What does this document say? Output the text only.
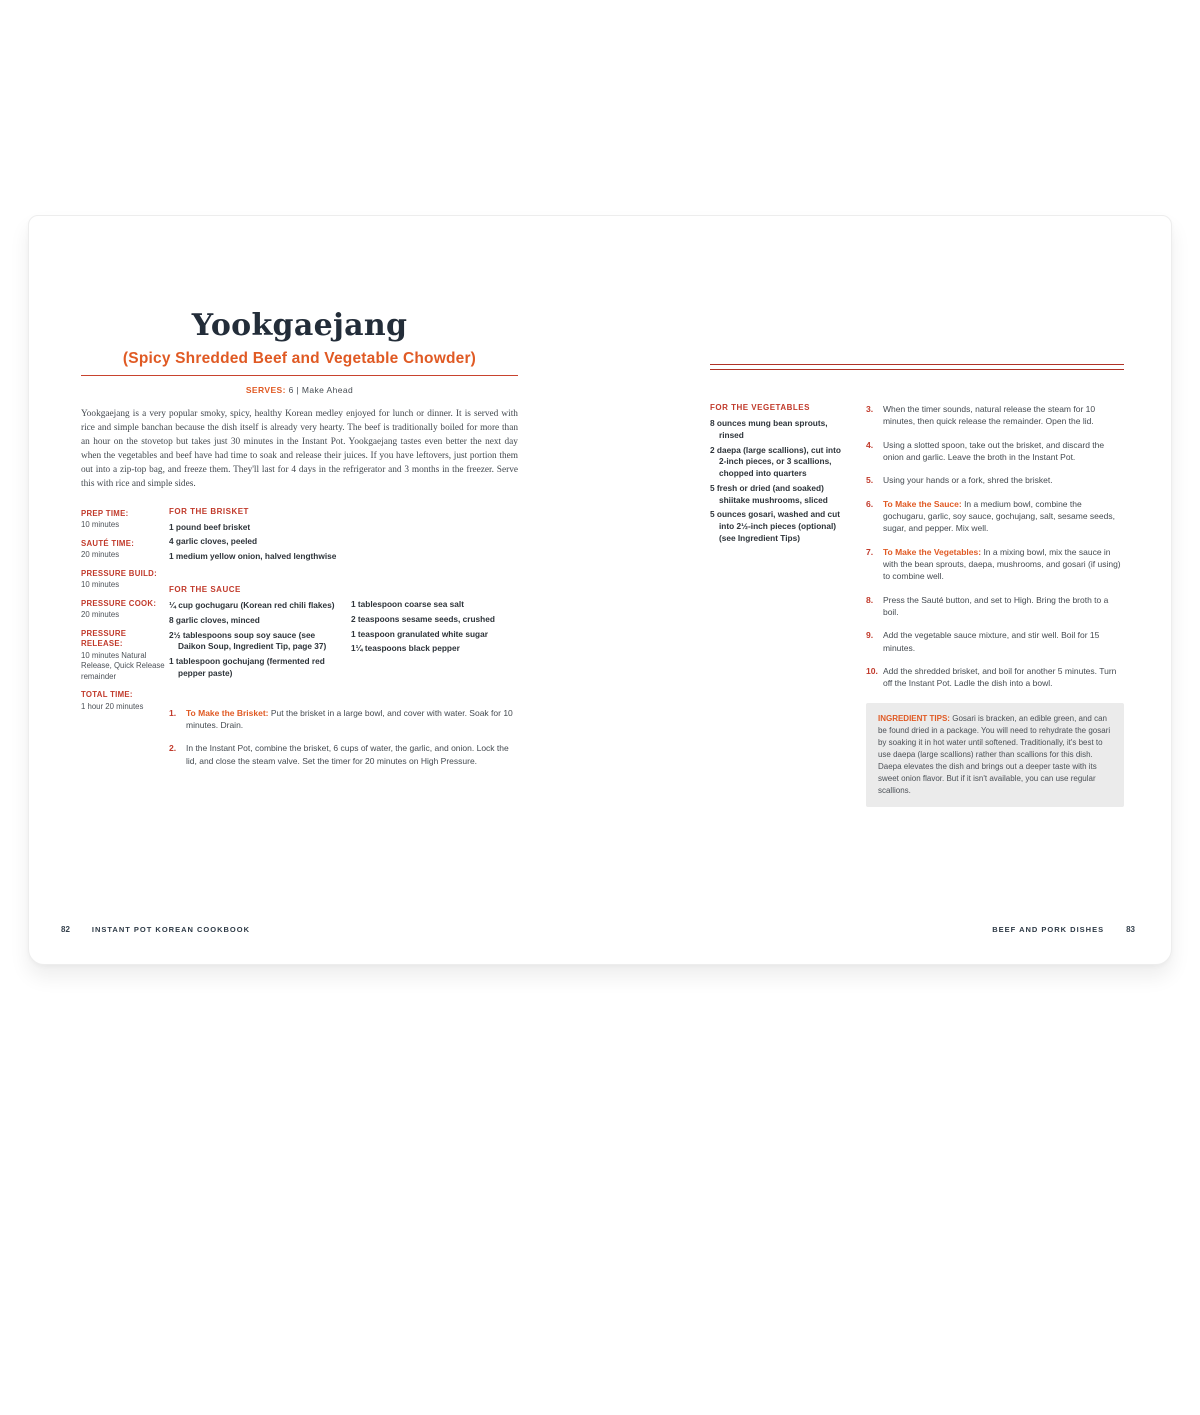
Yookgaejang
(Spicy Shredded Beef and Vegetable Chowder)
SERVES: 6 | Make Ahead

Yookgaejang is a very popular smoky, spicy, healthy Korean medley enjoyed for lunch or dinner. It is served with rice and simple banchan because the dish itself is already very hearty. The beef is traditionally boiled for more than an hour on the stovetop but takes just 30 minutes in the Instant Pot. Yookgaejang tastes even better the next day when the vegetables and beef have had time to soak and release their juices. If you have leftovers, just portion them out into a zip-top bag, and freeze them. They'll last for 4 days in the refrigerator and 3 months in the freezer. Serve this with rice and simple sides.

PREP TIME:
10 minutes
SAUTÉ TIME:
20 minutes
PRESSURE BUILD:
10 minutes
PRESSURE COOK:
20 minutes
PRESSURE RELEASE:
10 minutes Natural Release, Quick Release remainder
TOTAL TIME:
1 hour 20 minutes
FOR THE BRISKET
1 pound beef brisket
4 garlic cloves, peeled
1 medium yellow onion, halved lengthwise
FOR THE SAUCE
¼ cup gochugaru (Korean red chili flakes)
8 garlic cloves, minced
2½ tablespoons soup soy sauce (see Daikon Soup, Ingredient Tip, page 37)
1 tablespoon gochujang (fermented red pepper paste)
1 tablespoon coarse sea salt
2 teaspoons sesame seeds, crushed
1 teaspoon granulated white sugar
1¼ teaspoons black pepper
1.	To Make the Brisket: Put the brisket in a large bowl, and cover with water. Soak for 10 minutes. Drain.
2.	In the Instant Pot, combine the brisket, 6 cups of water, the garlic, and onion. Lock the lid, and close the steam valve. Set the timer for 20 minutes on High Pressure.
82	INSTANT POT KOREAN COOKBOOK
FOR THE VEGETABLES
8 ounces mung bean sprouts, rinsed
2 daepa (large scallions), cut into 2-inch pieces, or 3 scallions, chopped into quarters
5 fresh or dried (and soaked) shiitake mushrooms, sliced
5 ounces gosari, washed and cut into 2½-inch pieces (optional) (see Ingredient Tips)
3.	When the timer sounds, natural release the steam for 10 minutes, then quick release the remainder. Open the lid.
4.	Using a slotted spoon, take out the brisket, and discard the onion and garlic. Leave the broth in the Instant Pot.
5.	Using your hands or a fork, shred the brisket.
6.	To Make the Sauce: In a medium bowl, combine the gochugaru, garlic, soy sauce, gochujang, salt, sesame seeds, sugar, and pepper. Mix well.
7.	To Make the Vegetables: In a mixing bowl, mix the sauce in with the bean sprouts, daepa, mushrooms, and gosari (if using) to combine well.
8.	Press the Sauté button, and set to High. Bring the broth to a boil.
9.	Add the vegetable sauce mixture, and stir well. Boil for 15 minutes.
10. Add the shredded brisket, and boil for another 5 minutes. Turn off the Instant Pot. Ladle the dish into a bowl.
INGREDIENT TIPS: Gosari is bracken, an edible green, and can be found dried in a package. You will need to rehydrate the gosari by soaking it in hot water until softened. Traditionally, it's best to use daepa (large scallions) rather than scallions for this dish. Daepa elevates the dish and brings out a deeper taste with its sweet onion flavor. But if it isn't available, you can use regular scallions.
BEEF AND PORK DISHES	83
